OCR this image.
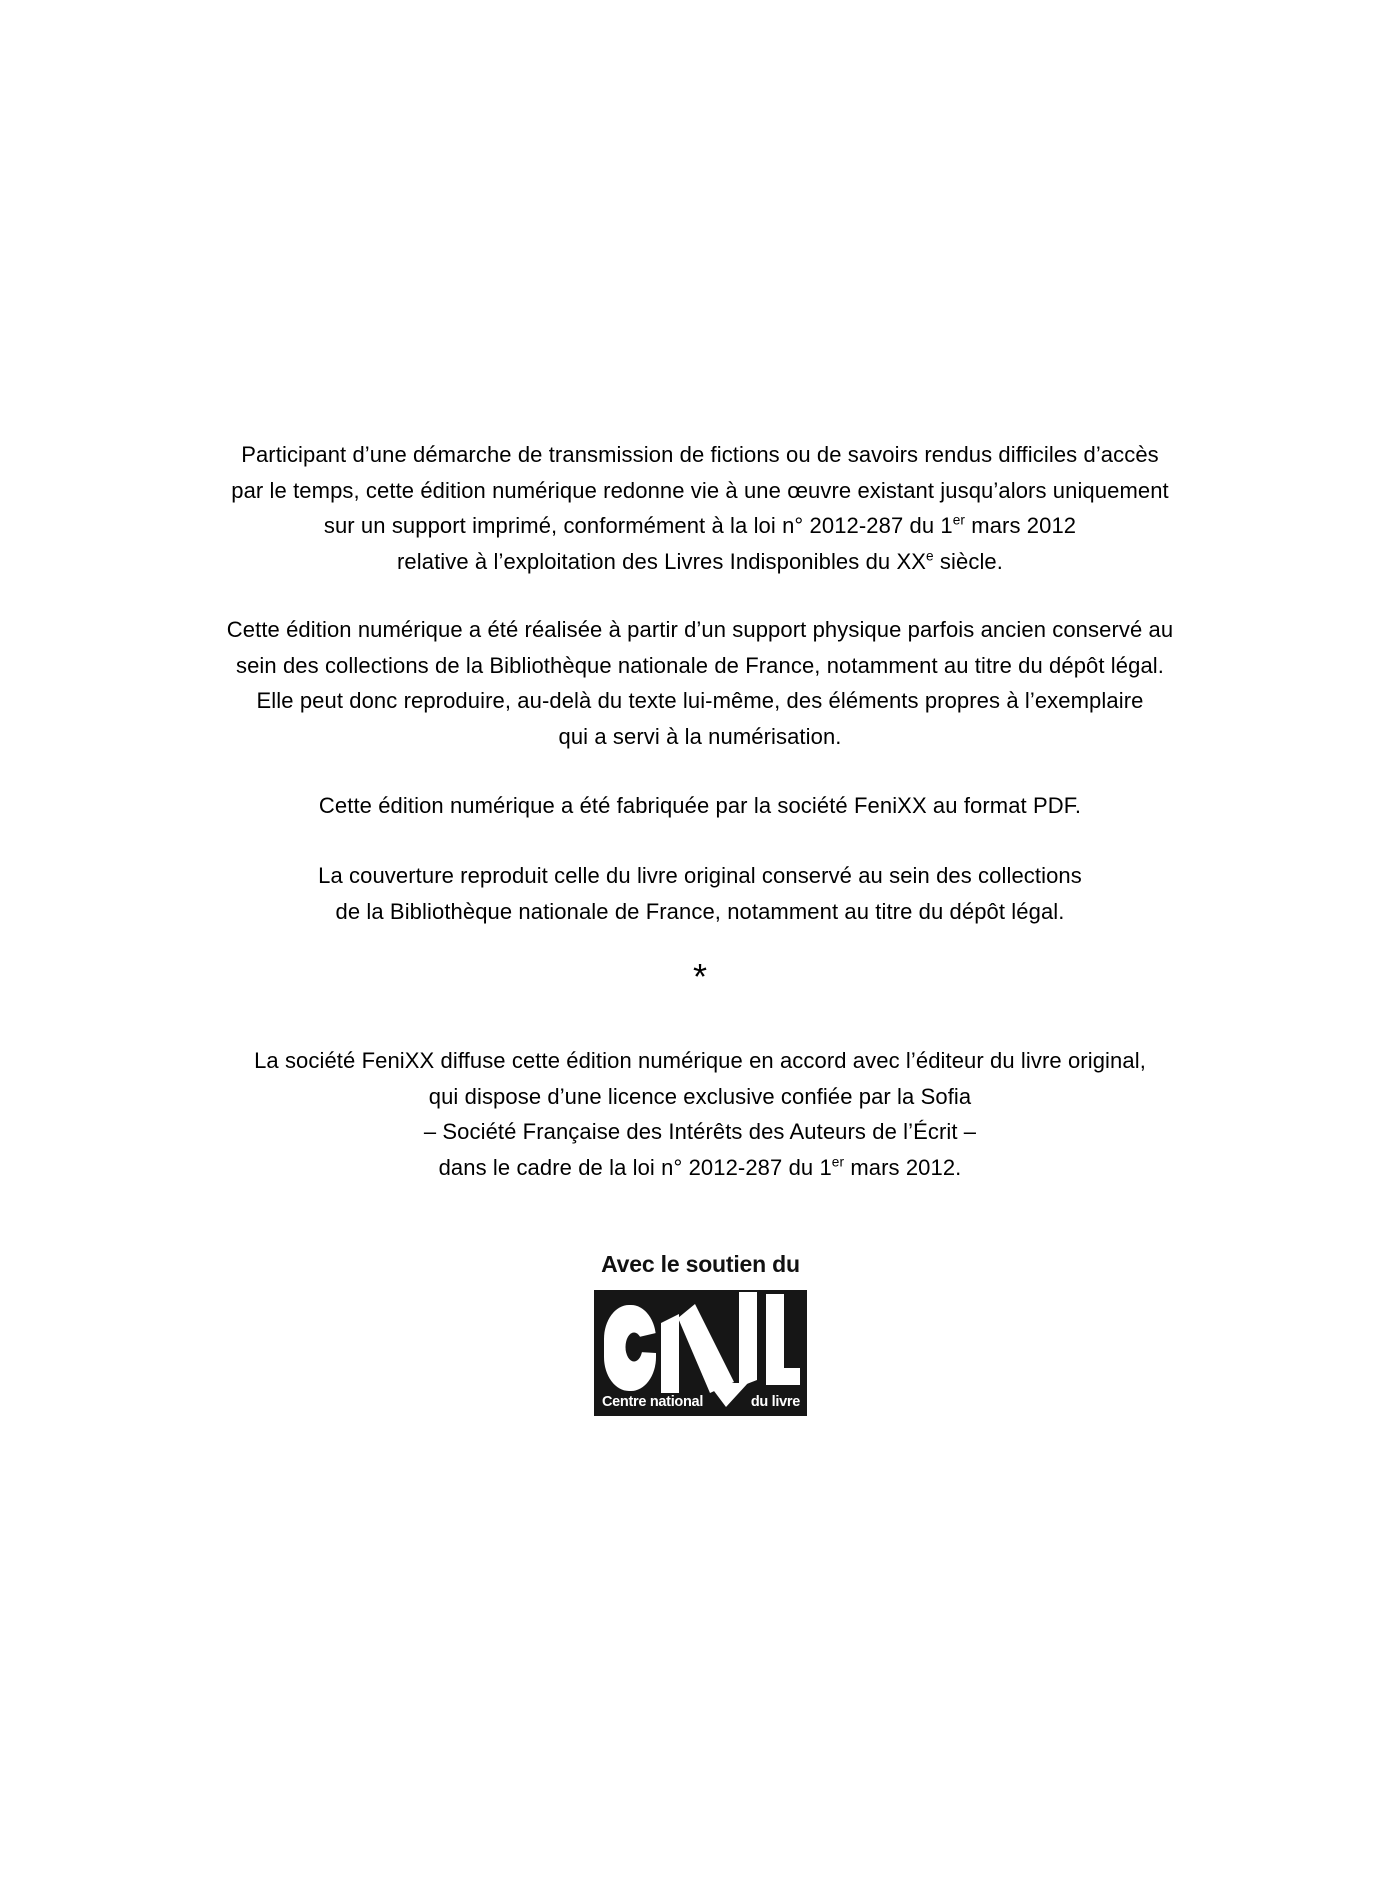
Participant d’une démarche de transmission de fictions ou de savoirs rendus difficiles d’accès
par le temps, cette édition numérique redonne vie à une œuvre existant jusqu’alors uniquement
sur un support imprimé, conformément à la loi n° 2012-287 du 1er mars 2012
relative à l’exploitation des Livres Indisponibles du XXe siècle.
Cette édition numérique a été réalisée à partir d’un support physique parfois ancien conservé au
sein des collections de la Bibliothèque nationale de France, notamment au titre du dépôt légal.
Elle peut donc reproduire, au-delà du texte lui-même, des éléments propres à l’exemplaire
qui a servi à la numérisation.
Cette édition numérique a été fabriquée par la société FeniXX au format PDF.
La couverture reproduit celle du livre original conservé au sein des collections
de la Bibliothèque nationale de France, notamment au titre du dépôt légal.
*
La société FeniXX diffuse cette édition numérique en accord avec l’éditeur du livre original,
qui dispose d’une licence exclusive confiée par la Sofia
– Société Française des Intérêts des Auteurs de l’Écrit –
dans le cadre de la loi n° 2012-287 du 1er mars 2012.
Avec le soutien du
Centre national	du livre
